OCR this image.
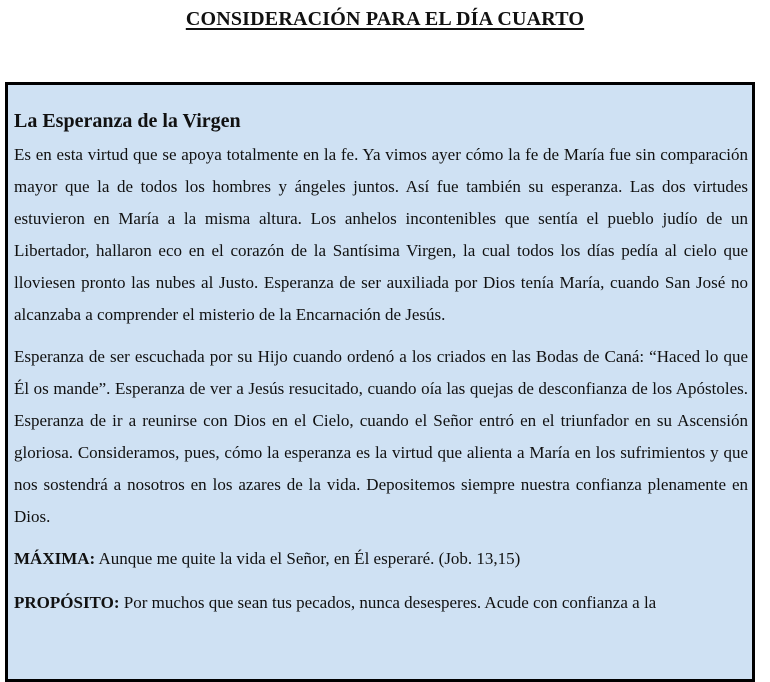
CONSIDERACIÓN PARA EL DÍA CUARTO
La Esperanza de la Virgen

Es en esta virtud que se apoya totalmente en la fe. Ya vimos ayer cómo la fe de María fue sin comparación mayor que la de todos los hombres y ángeles juntos. Así fue también su esperanza. Las dos virtudes estuvieron en María a la misma altura. Los anhelos incontenibles que sentía el pueblo judío de un Libertador, hallaron eco en el corazón de la Santísima Virgen, la cual todos los días pedía al cielo que lloviesen pronto las nubes al Justo. Esperanza de ser auxiliada por Dios tenía María, cuando San José no alcanzaba a comprender el misterio de la Encarnación de Jesús.

Esperanza de ser escuchada por su Hijo cuando ordenó a los criados en las Bodas de Caná: “Haced lo que Él os mande”. Esperanza de ver a Jesús resucitado, cuando oía las quejas de desconfianza de los Apóstoles. Esperanza de ir a reunirse con Dios en el Cielo, cuando el Señor entró en el triunfador en su Ascensión gloriosa. Consideramos, pues, cómo la esperanza es la virtud que alienta a María en los sufrimientos y que nos sostendrá a nosotros en los azares de la vida. Depositemos siempre nuestra confianza plenamente en Dios.

MÁXIMA: Aunque me quite la vida el Señor, en Él esperaré. (Job. 13,15)

PROPÓSITO: Por muchos que sean tus pecados, nunca desesperes. Acude con confianza a la
